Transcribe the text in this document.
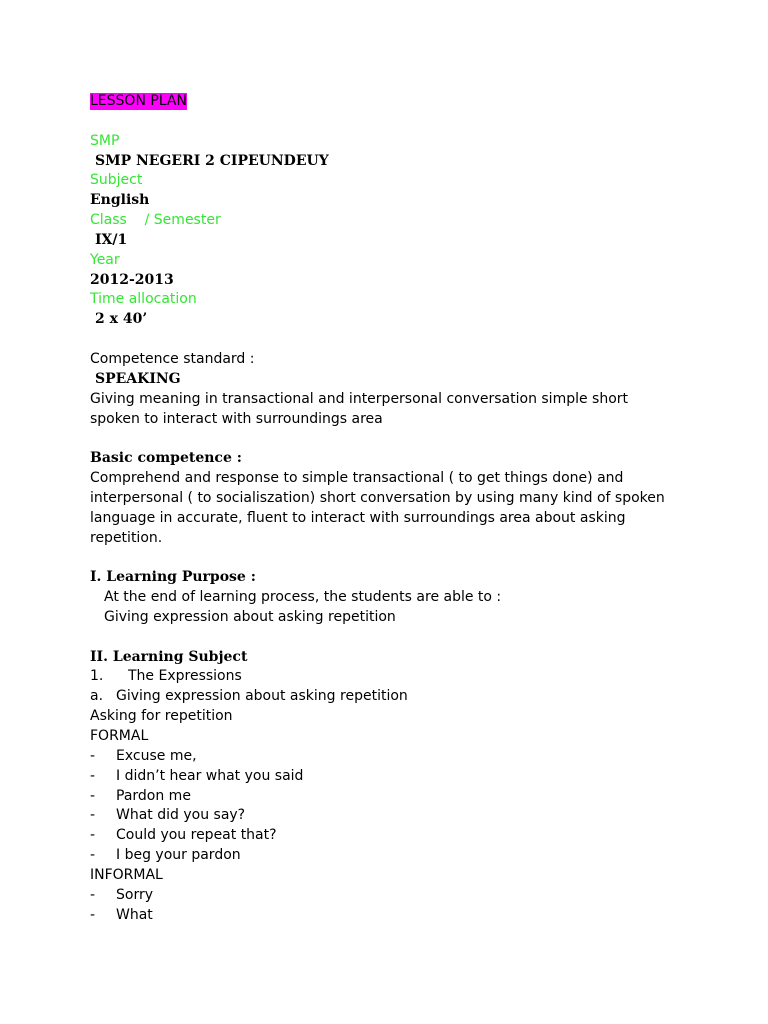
LESSON PLAN
SMP
SMP NEGERI 2 CIPEUNDEUY
Subject
English
Class    / Semester
IX/1
Year
2012-2013
Time allocation
2 x 40’
Competence standard :
SPEAKING
Giving meaning in transactional and interpersonal conversation simple short
spoken to interact with surroundings area
Basic competence :
Comprehend and response to simple transactional ( to get things done) and
interpersonal ( to socialiszation) short conversation by using many kind of spoken
language in accurate, fluent to interact with surroundings area about asking
repetition.
I. Learning Purpose :
At the end of learning process, the students are able to :
Giving expression about asking repetition
II. Learning Subject
1. The Expressions
a. Giving expression about asking repetition
Asking for repetition
FORMAL
- Excuse me,
- I didn’t hear what you said
- Pardon me
- What did you say?
- Could you repeat that?
- I beg your pardon
INFORMAL
- Sorry
- What
